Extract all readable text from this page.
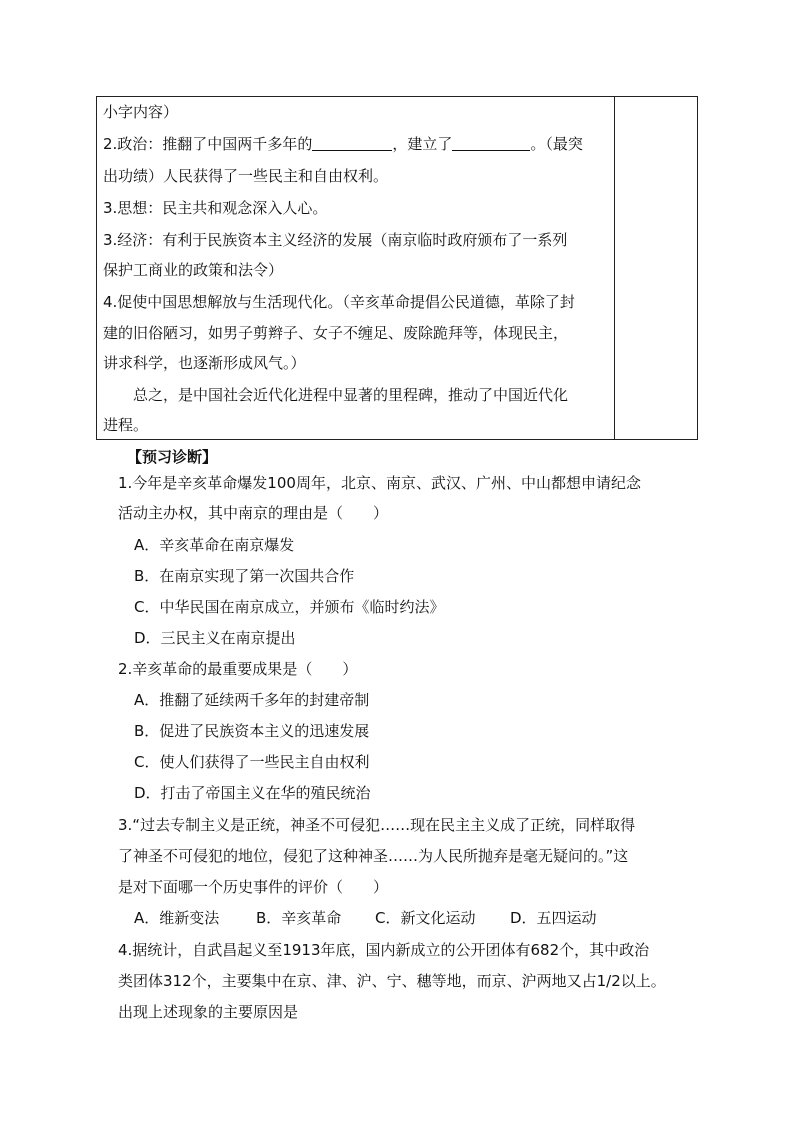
小字内容）
2.政治：推翻了中国两千多年的	，建立了	。（最突
出功绩）人民获得了一些民主和自由权利。
3.思想：民主共和观念深入人心。
3.经济：有利于民族资本主义经济的发展（南京临时政府颁布了一系列
保护工商业的政策和法令）
4.促使中国思想解放与生活现代化。（辛亥革命提倡公民道德，革除了封
建的旧俗陋习，如男子剪辫子、女子不缠足、废除跪拜等，体现民主，
讲求科学，也逐渐形成风气。）
总之，是中国社会近代化进程中显著的里程碑，推动了中国近代化
进程。
【预习诊断】
1.今年是辛亥革命爆发100周年，北京、南京、武汉、广州、中山都想申请纪念
活动主办权，其中南京的理由是（　　）
A．辛亥革命在南京爆发
B．在南京实现了第一次国共合作
C．中华民国在南京成立，并颁布《临时约法》
D．三民主义在南京提出
2.辛亥革命的最重要成果是（　　）
A．推翻了延续两千多年的封建帝制
B．促进了民族资本主义的迅速发展
C．使人们获得了一些民主自由权利
D．打击了帝国主义在华的殖民统治
3.“过去专制主义是正统，神圣不可侵犯……现在民主主义成了正统，同样取得
了神圣不可侵犯的地位，侵犯了这种神圣……为人民所抛弃是毫无疑问的。”这
是对下面哪一个历史事件的评价（　　）
A．维新变法 B．辛亥革命 C．新文化运动 D．五四运动
4.据统计，自武昌起义至1913年底，国内新成立的公开团体有682个，其中政治
类团体312个，主要集中在京、津、沪、宁、穗等地，而京、沪两地又占1/2以上。
出现上述现象的主要原因是
